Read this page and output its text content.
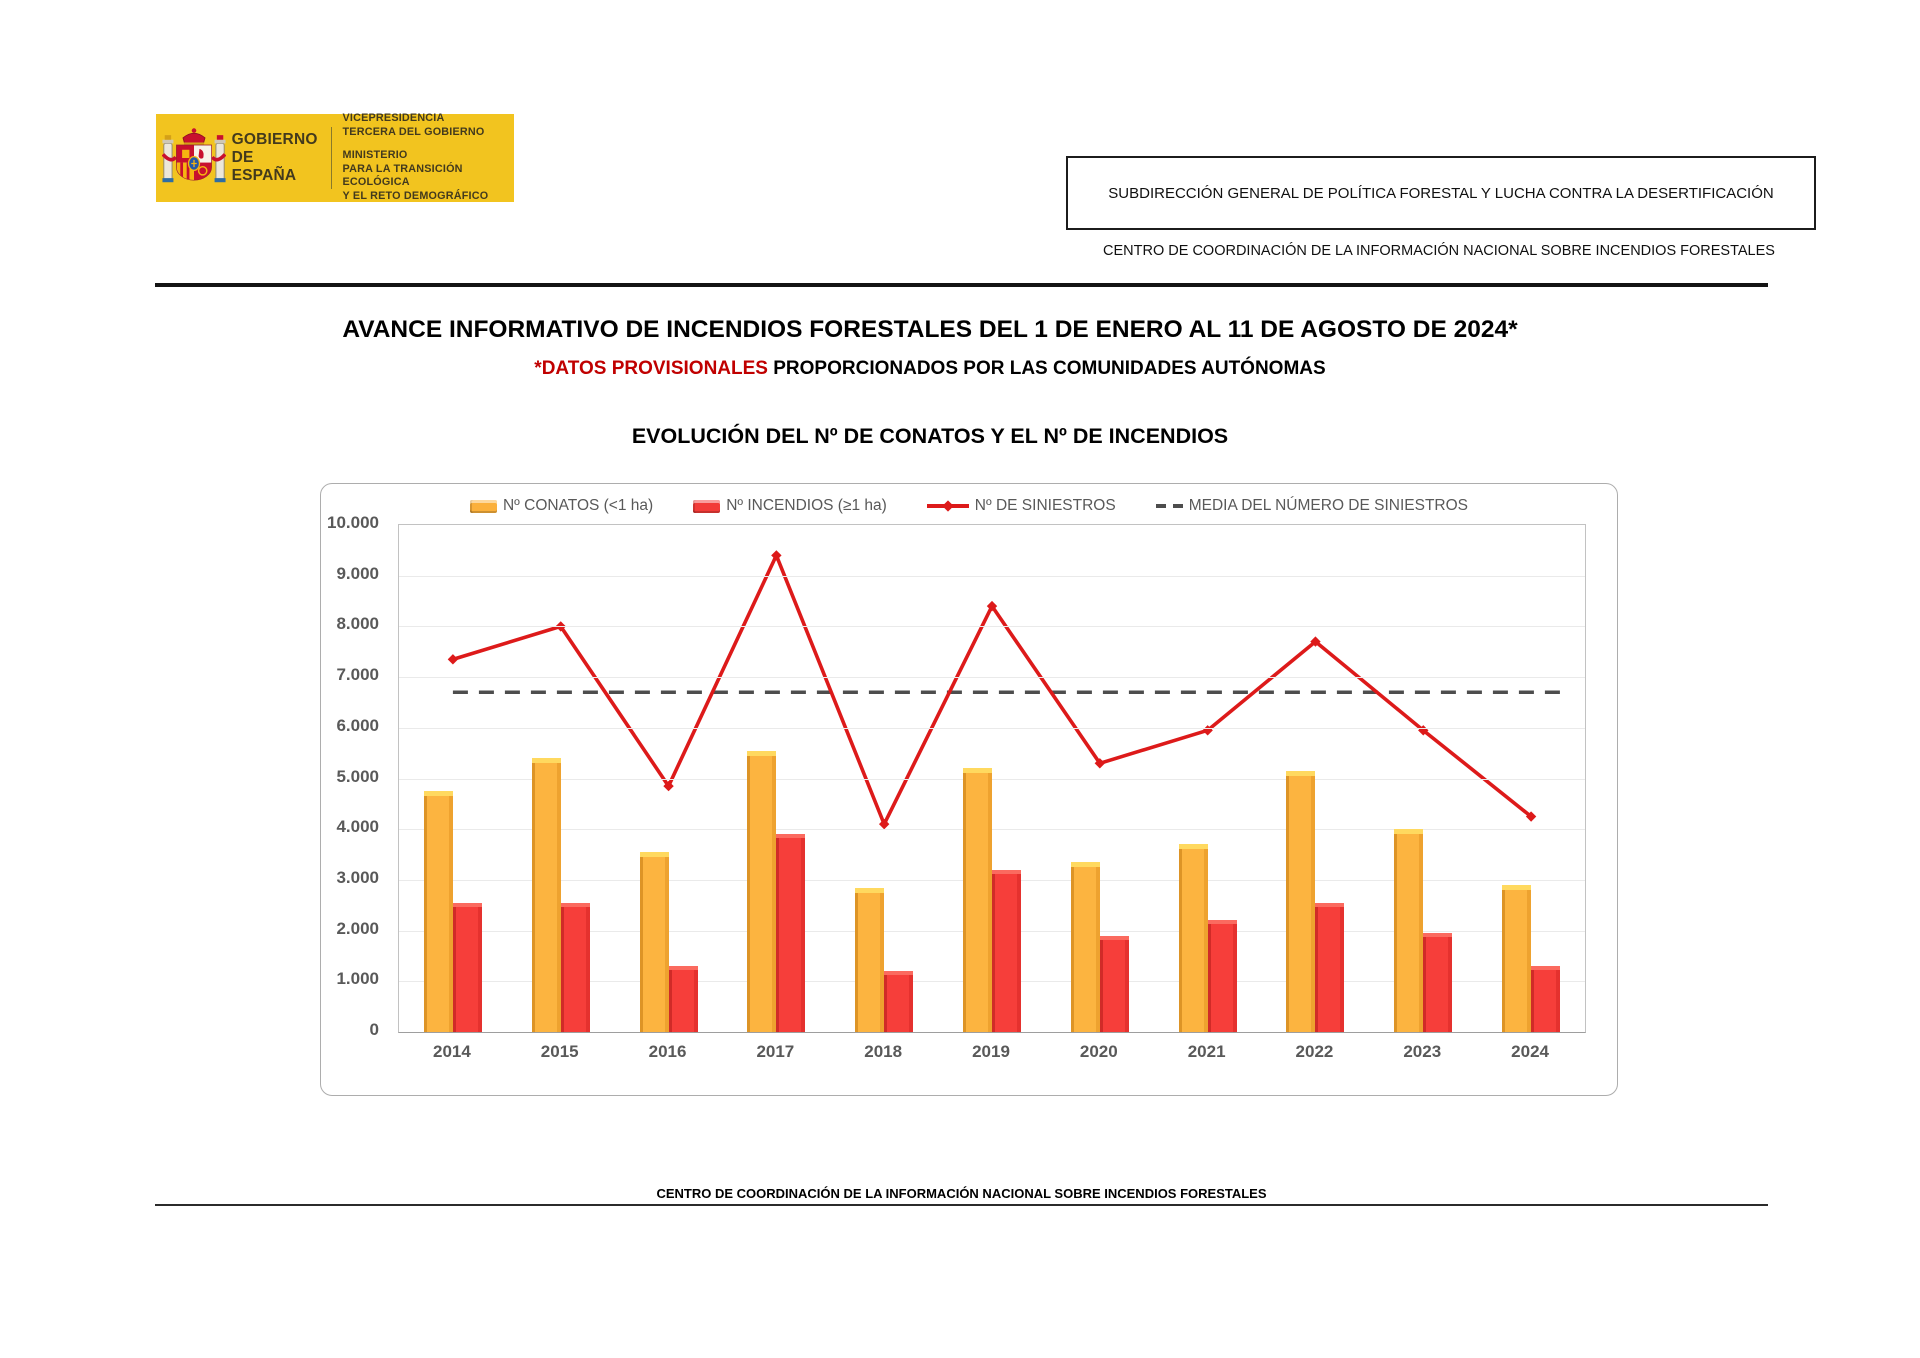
GOBIERNO
DE ESPAÑA
VICEPRESIDENCIA
TERCERA DEL GOBIERNO
MINISTERIO
PARA LA TRANSICIÓN ECOLÓGICA
Y EL RETO DEMOGRÁFICO	SUBDIRECCIÓN GENERAL DE POLÍTICA FORESTAL Y LUCHA CONTRA LA DESERTIFICACIÓN
CENTRO DE COORDINACIÓN DE LA INFORMACIÓN NACIONAL SOBRE INCENDIOS FORESTALES
AVANCE INFORMATIVO DE INCENDIOS FORESTALES DEL 1 DE ENERO AL 11 DE AGOSTO DE 2024*
*DATOS PROVISIONALES PROPORCIONADOS POR LAS COMUNIDADES AUTÓNOMAS
EVOLUCIÓN DEL Nº DE CONATOS Y EL Nº DE INCENDIOS
Nº CONATOS (<1 ha)	Nº INCENDIOS (≥1 ha)	Nº DE SINIESTROS	MEDIA DEL NÚMERO DE SINIESTROS
0
1.000
2.000
3.000
4.000
5.000
6.000
7.000
8.000
9.000
10.000
2014	2015	2016	2017	2018	2019	2020	2021	2022	2023	2024
CENTRO DE COORDINACIÓN DE LA INFORMACIÓN NACIONAL SOBRE INCENDIOS FORESTALES
